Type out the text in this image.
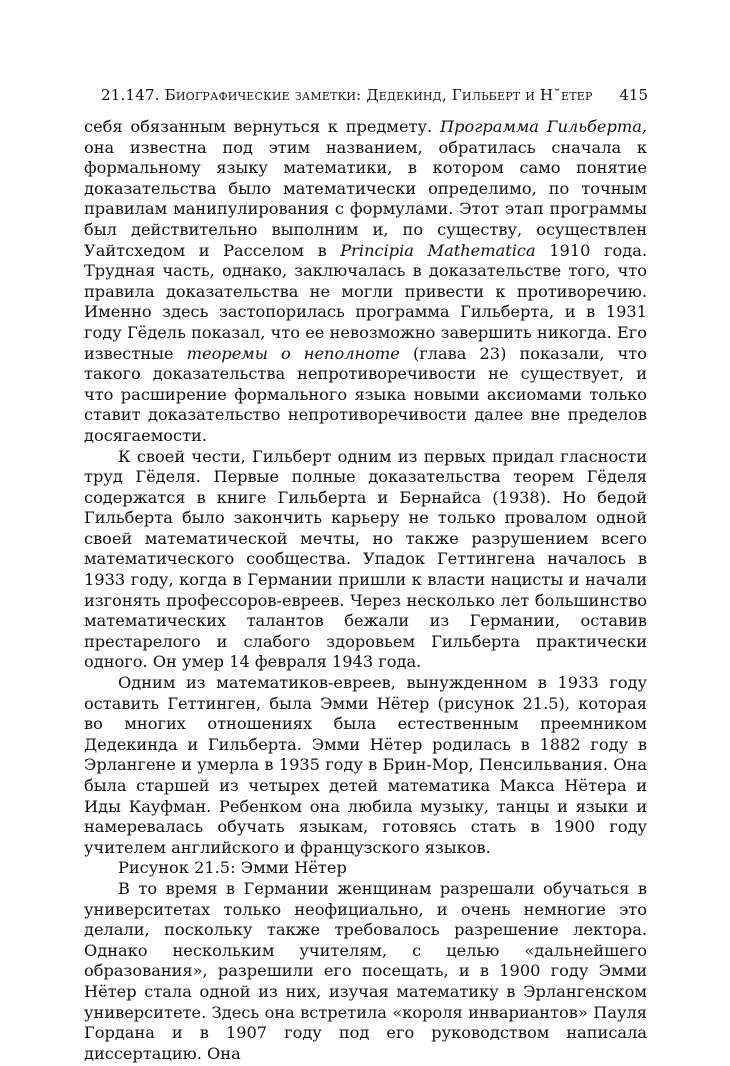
21.147. Биографические заметки: Дедекинд, Гильберт и Н˘етер 415

себя обязанным вернуться к предмету. Программа Гильберта, она известна под этим названием, обратилась сначала к формальному языку математики, в котором само понятие доказательства было математически определимо, по точным правилам манипулирования с формулами. Этот этап программы был действительно выполним и, по существу, осуществлен Уайтсхедом и Расселом в Principia Mathematica 1910 года. Трудная часть, однако, заключалась в доказательстве того, что правила доказательства не могли привести к противоречию. Именно здесь застопорилась программа Гильберта, и в 1931 году Гёдель показал, что ее невозможно завершить никогда. Его известные теоремы о неполноте (глава 23) показали, что такого доказательства непротиворечивости не существует, и что расширение формального языка новыми аксиомами только ставит доказательство непротиворечивости далее вне пределов досягаемости.

К своей чести, Гильберт одним из первых придал гласности труд Гёделя. Первые полные доказательства теорем Гёделя содержатся в книге Гильберта и Бернайса (1938). Но бедой Гильберта было закончить карьеру не только провалом одной своей математической мечты, но также разрушением всего математического сообщества. Упадок Геттингена началось в 1933 году, когда в Германии пришли к власти нацисты и начали изгонять профессоров-евреев. Через несколько лет большинство математических талантов бежали из Германии, оставив престарелого и слабого здоровьем Гильберта практически одного. Он умер 14 февраля 1943 года.

Одним из математиков-евреев, вынужденном в 1933 году оставить Геттинген, была Эмми Нётер (рисунок 21.5), которая во многих отношениях была естественным преемником Дедекинда и Гильберта. Эмми Нётер родилась в 1882 году в Эрлангене и умерла в 1935 году в Брин-Мор, Пенсильвания. Она была старшей из четырех детей математика Макса Нётера и Иды Кауфман. Ребенком она любила музыку, танцы и языки и намеревалась обучать языкам, готовясь стать в 1900 году учителем английского и французского языков.

Рисунок 21.5: Эмми Нётер

В то время в Германии женщинам разрешали обучаться в университетах только неофициально, и очень немногие это делали, поскольку также требовалось разрешение лектора. Однако нескольким учителям, с целью «дальнейшего образования», разрешили его посещать, и в 1900 году Эмми Нётер стала одной из них, изучая математику в Эрлангенском университете. Здесь она встретила «короля инвариантов» Пауля Гордана и в 1907 году под его руководством написала диссертацию. Она
